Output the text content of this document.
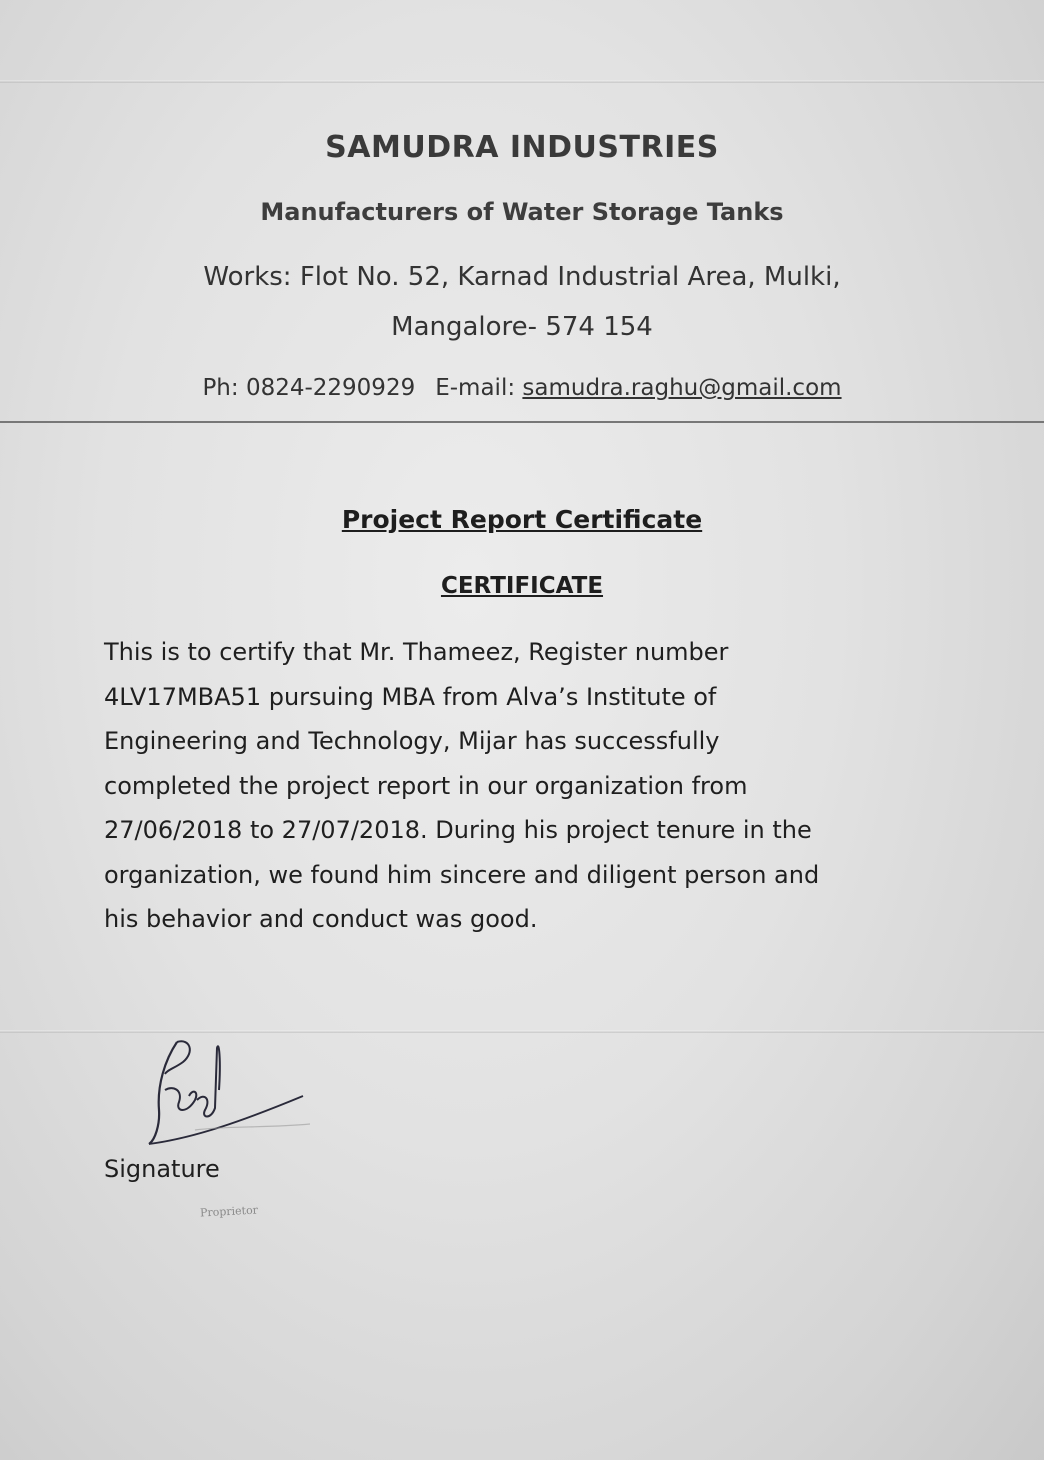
SAMUDRA INDUSTRIES
Manufacturers of Water Storage Tanks
Works: Flot No. 52, Karnad Industrial Area, Mulki,
Mangalore- 574 154
Ph: 0824-2290929 E-mail: samudra.raghu@gmail.com
Project Report Certificate
CERTIFICATE
This is to certify that Mr. Thameez, Register number
4LV17MBA51 pursuing MBA from Alva’s Institute of
Engineering and Technology, Mijar has successfully
completed the project report in our organization from
27/06/2018 to 27/07/2018. During his project tenure in the
organization, we found him sincere and diligent person and
his behavior and conduct was good.
Signature
Proprietor
